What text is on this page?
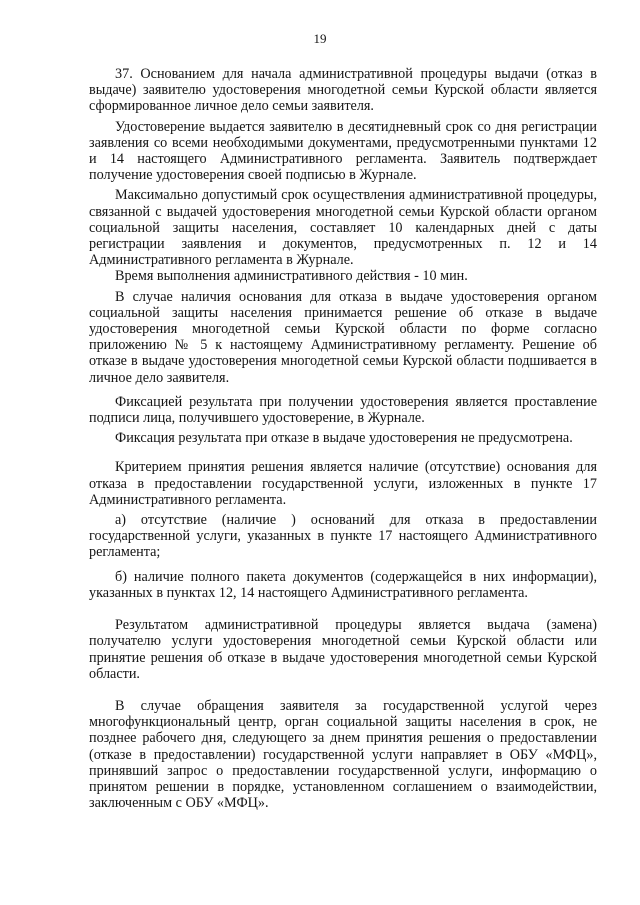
19

37. Основанием для начала административной процедуры выдачи (отказ в выдаче) заявителю удостоверения многодетной семьи Курской области является сформированное личное дело семьи заявителя.

Удостоверение выдается заявителю в десятидневный срок со дня регистрации заявления со всеми необходимыми документами, предусмотренными пунктами 12 и 14 настоящего Административного регламента. Заявитель подтверждает получение удостоверения своей подписью в Журнале.

Максимально допустимый срок осуществления административной процедуры, связанной с выдачей удостоверения многодетной семьи Курской области органом социальной защиты населения, составляет 10 календарных дней с даты регистрации заявления и документов, предусмотренных п. 12 и 14 Административного регламента в Журнале.

Время выполнения административного действия - 10 мин.

В случае наличия основания для отказа в выдаче удостоверения органом социальной защиты населения принимается решение об отказе в выдаче удостоверения многодетной семьи Курской области по форме согласно приложению № 5 к настоящему Административному регламенту. Решение об отказе в выдаче удостоверения многодетной семьи Курской области подшивается в личное дело заявителя.

Фиксацией результата при получении удостоверения является проставление подписи лица, получившего удостоверение, в Журнале.

Фиксация результата при отказе в выдаче удостоверения не предусмотрена.

Критерием принятия решения является наличие (отсутствие) основания для отказа в предоставлении государственной услуги, изложенных в пункте 17 Административного регламента.

а) отсутствие (наличие ) оснований для отказа в предоставлении государственной услуги, указанных в пункте 17 настоящего Административного регламента;

б) наличие полного пакета документов (содержащейся в них информации), указанных в пунктах 12, 14 настоящего Административного регламента.

Результатом административной процедуры является выдача (замена) получателю услуги удостоверения многодетной семьи Курской области или принятие решения об отказе в выдаче удостоверения многодетной семьи Курской области.

В случае обращения заявителя за государственной услугой через многофункциональный центр, орган социальной защиты населения в срок, не позднее рабочего дня, следующего за днем принятия решения о предоставлении (отказе в предоставлении) государственной услуги направляет в ОБУ «МФЦ», принявший запрос о предоставлении государственной услуги, информацию о принятом решении в порядке, установленном соглашением о взаимодействии, заключенным с ОБУ «МФЦ».
